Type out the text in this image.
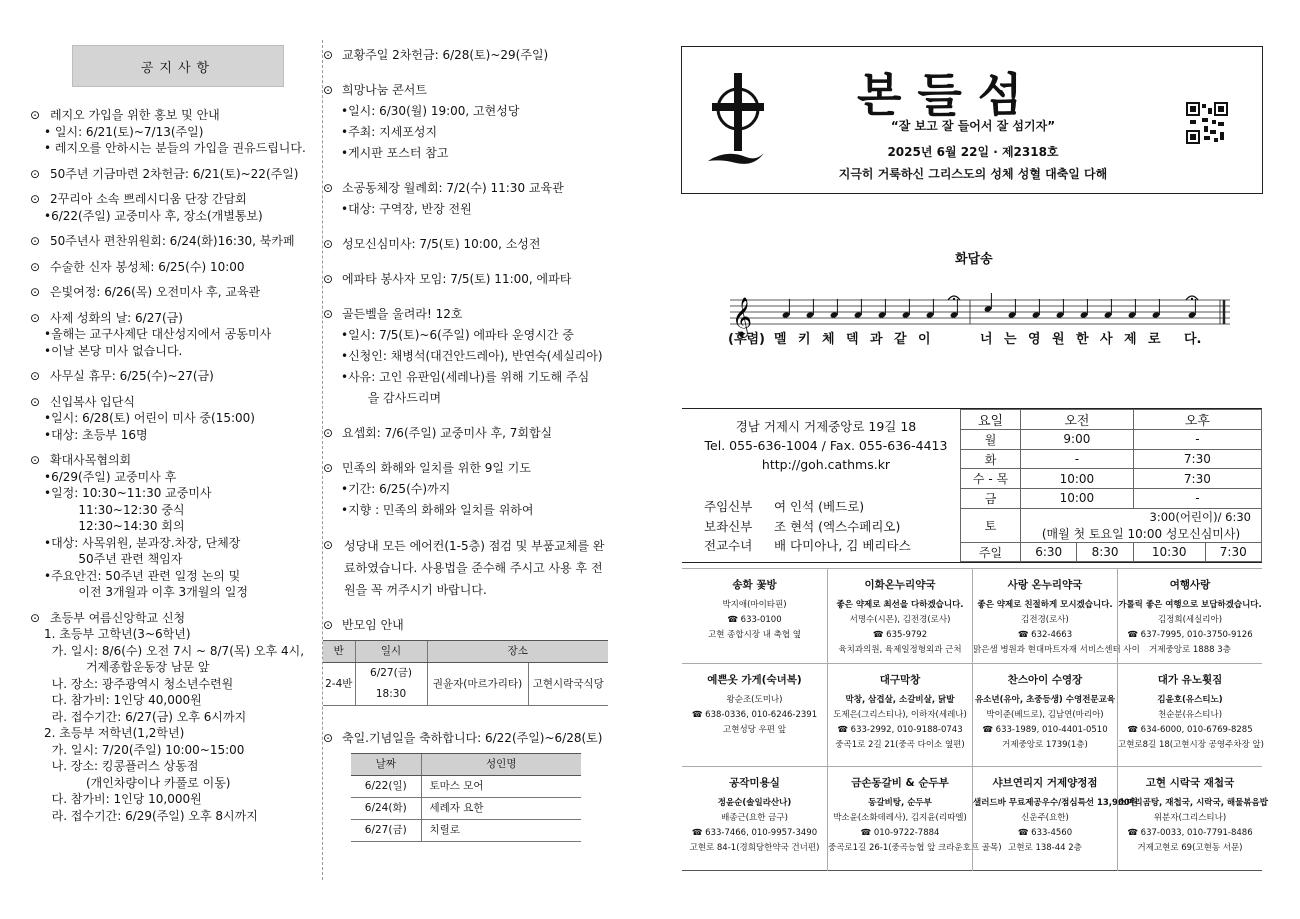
공지사항
⊙ 레지오 가입을 위한 홍보 및 안내
• 일시: 6/21(토)~7/13(주일)
• 레지오를 안하시는 분들의 가입을 권유드립니다.
⊙ 50주년 기금마련 2차헌금: 6/21(토)~22(주일)
⊙ 2꾸리아 소속 쁘레시디움 단장 간담회
•6/22(주일) 교중미사 후, 장소(개별통보)
⊙ 50주년사 편찬위원회: 6/24(화)16:30, 북카페
⊙ 수술한 신자 봉성체: 6/25(수) 10:00
⊙ 은빛여정: 6/26(목) 오전미사 후, 교육관
⊙ 사제 성화의 날: 6/27(금)
•올해는 교구사제단 대산성지에서 공동미사
•이날 본당 미사 없습니다.
⊙ 사무실 휴무: 6/25(수)~27(금)
⊙ 신입복사 입단식
•일시: 6/28(토) 어린이 미사 중(15:00)
•대상: 초등부 16명
⊙ 확대사목협의회
•6/29(주일) 교중미사 후
•일정: 10:30~11:30 교중미사
11:30~12:30 중식
12:30~14:30 회의
•대상: 사목위원, 분과장.차장, 단체장
50주년 관련 책임자
•주요안건: 50주년 관련 일정 논의 및
이전 3개월과 이후 3개월의 일정
⊙ 초등부 여름신앙학교 신청
1. 초등부 고학년(3~6학년)
가. 일시: 8/6(수) 오전 7시 ~ 8/7(목) 오후 4시,
거제종합운동장 남문 앞
나. 장소: 광주광역시 청소년수련원
다. 참가비: 1인당 40,000원
라. 접수기간: 6/27(금) 오후 6시까지
2. 초등부 저학년(1,2학년)
가. 일시: 7/20(주일) 10:00~15:00
나. 장소: 킹콩플러스 상동점
(개인차량이나 카풀로 이동)
다. 참가비: 1인당 10,000원
라. 접수기간: 6/29(주일) 오후 8시까지
⊙ 교황주일 2차헌금: 6/28(토)~29(주일)
⊙ 희망나눔 콘서트
•일시: 6/30(월) 19:00, 고현성당
•주최: 지세포성지
•게시판 포스터 참고
⊙ 소공동체장 월례회: 7/2(수) 11:30 교육관
•대상: 구역장, 반장 전원
⊙ 성모신심미사: 7/5(토) 10:00, 소성전
⊙ 에파타 봉사자 모임: 7/5(토) 11:00, 에파타
⊙ 골든벨을 울려라! 12호
•일시: 7/5(토)~6(주일) 에파타 운영시간 중
•신청인: 채병석(대건안드레아), 반연숙(세실리아)
•사유: 고인 유판임(세레나)를 위해 기도해 주심
을 감사드리며
⊙ 요셉회: 7/6(주일) 교중미사 후, 7회합실
⊙ 민족의 화해와 일치를 위한 9일 기도
•기간: 6/25(수)까지
•지향 : 민족의 화해와 일치를 위하여
⊙ 성당내 모든 에어컨(1-5층) 점검 및 부품교체를 완료하였습니다. 사용법을 준수해 주시고 사용 후 전원을 꼭 꺼주시기 바랍니다.
⊙ 반모임 안내
반	일시	장소	
2-4반	6/27(금) 18:30	권윤자(마르가리타)	고현시락국식당
⊙ 축일.기념일을 축하합니다: 6/22(주일)~6/28(토)
날짜	성인명
6/22(일)	토마스 모어
6/24(화)	세례자 요한
6/27(금)	치릴로
본들섬
“잘 보고 잘 들어서 잘 섬기자”
2025년 6월 22일 · 제2318호
지극히 거룩하신 그리스도의 성체 성혈 대축일 다해
화답송
𝄞
(후렴) 멜 키 체 덱 과 같 이	너 는 영 원 한 사 제 로 다.
경남 거제시 거제중앙로 19길 18
Tel. 055-636-1004 / Fax. 055-636-4413
http://goh.cathms.kr
주임신부	여 인석 (베드로)
보좌신부	조 현석 (엑스수페리오)
전교수녀	배 다미아나, 김 베리타스
요일	오전		오후	
월	9:00		-	
화	-		7:30	
수 - 목	10:00		7:30	
금	10:00		-	
토	3:00(어린이)/ 6:30			
	(매월 첫 토요일 10:00 성모신심미사)			
주일	6:30	8:30	10:30	7:30
송화 꽃방
박지애(마이타핀)
☎ 633-0100
고현 종합시장 내 축협 옆
이화온누리약국
좋은 약제로 최선을 다하겠습니다.
서명수(시몬), 김전경(로사)
☎ 635-9792
육치과의원, 육제일정형외과 근처
사랑 온누리약국
좋은 약제로 친절하게 모시겠습니다.
김전경(로사)
☎ 632-4663
맑은샘 병원과 현대마트자재 서비스센터 사이
여행사랑
가톨릭 좋은 여행으로 보답하겠습니다.
김정희(세실리아)
☎ 637-7995, 010-3750-9126
거제중앙로 1888 3층
예쁜옷 가게(숙녀복)
왕순조(도미나)
☎ 638-0336, 010-6246-2391
고현성당 우편 앞
대구막창
막창, 삼겹살, 소갈비살, 닭발
도제은(그리스티나), 이하자(세레나)
☎ 633-2992, 010-9188-0743
중곡1로 2길 21(중곡 다이소 옆편)
찬스아이 수영장
유소년(유아, 초중등생) 수영전문교육
박이준(베드로), 김남연(마리아)
☎ 633-1989, 010-4401-0510
거제중앙로 1739(1층)
대가 유노휫짐
김윤호(유스티노)
천순분(유스티나)
☎ 634-6000, 010-6769-8285
고현로8길 18(고현시장 공영주차장 앞)
공작미용실
정윤순(솔일라산나)
배종근(요한 금구)
☎ 633-7466, 010-9957-3490
고현로 84-1(경희당한약국 건너편)
금손동갈비 & 순두부
동갈비탕, 순두부
박소윤(소화데레사), 김지윤(리따엘)
☎ 010-9722-7884
중곡로1길 26-1(중곡능협 앞 크라운호프 골목)
샤브연리지 거제양정점
샐러드바 무료제공우수/점심특선 13,900원
신운주(요한)
☎ 633-4560
고현로 138-44 2층
고현 시락국 재첩국
소머리곰탕, 재첩국, 시락국, 해물볶음밥
위분자(그리스티나)
☎ 637-0033, 010-7791-8486
거제고현로 69(고현동 서문)
